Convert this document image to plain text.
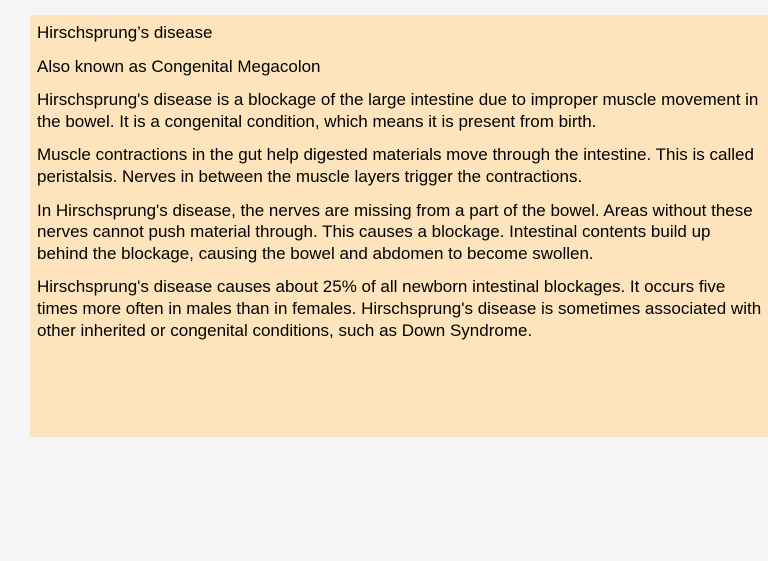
Hirschsprung’s disease

Also known as Congenital Megacolon

Hirschsprung's disease is a blockage of the large intestine due to improper muscle movement in the bowel. It is a congenital condition, which means it is present from birth.

Muscle contractions in the gut help digested materials move through the intestine. This is called peristalsis. Nerves in between the muscle layers trigger the contractions.

In Hirschsprung's disease, the nerves are missing from a part of the bowel. Areas without these nerves cannot push material through. This causes a blockage. Intestinal contents build up behind the blockage, causing the bowel and abdomen to become swollen.

Hirschsprung's disease causes about 25% of all newborn intestinal blockages. It occurs five times more often in males than in females. Hirschsprung's disease is sometimes associated with other inherited or congenital conditions, such as Down Syndrome.
